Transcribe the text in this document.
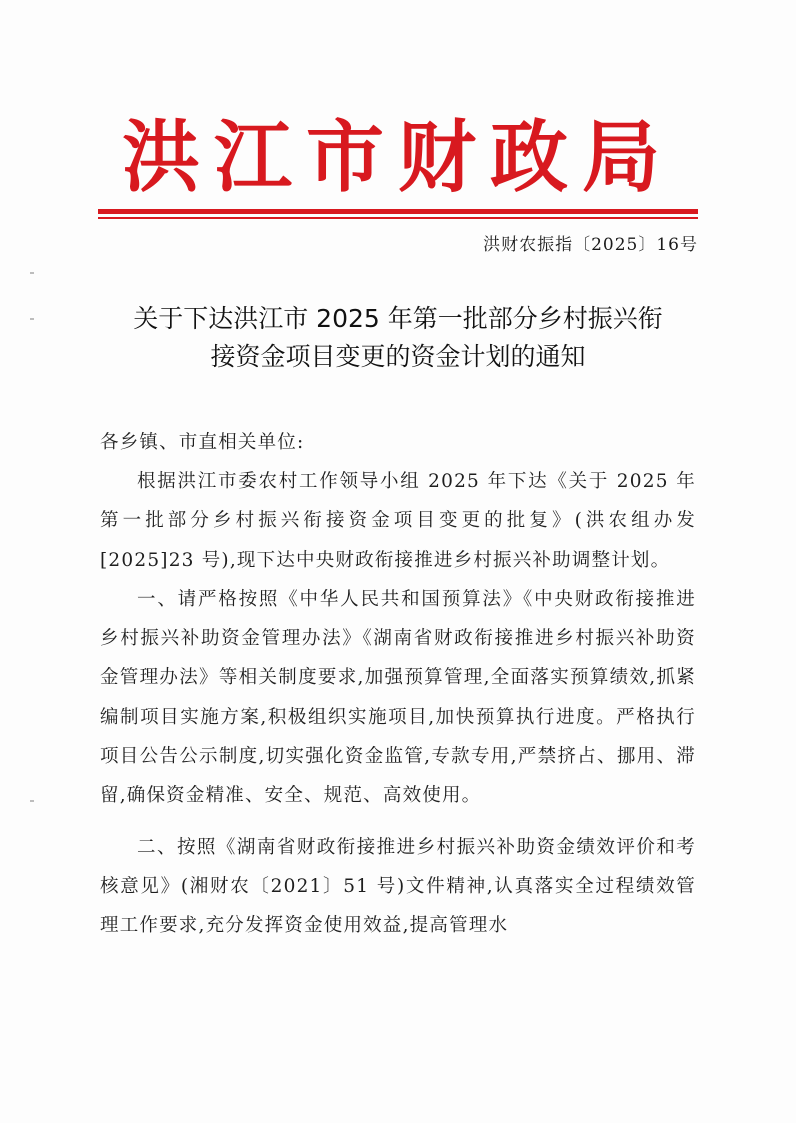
洪江市财政局
洪财农振指〔2025〕16号
关于下达洪江市 2025 年第一批部分乡村振兴衔
接资金项目变更的资金计划的通知

各乡镇、市直相关单位:

根据洪江市委农村工作领导小组 2025 年下达《关于 2025 年第一批部分乡村振兴衔接资金项目变更的批复》(洪农组办发[2025]23 号),现下达中央财政衔接推进乡村振兴补助调整计划。

一、请严格按照《中华人民共和国预算法》《中央财政衔接推进乡村振兴补助资金管理办法》《湖南省财政衔接推进乡村振兴补助资金管理办法》等相关制度要求,加强预算管理,全面落实预算绩效,抓紧编制项目实施方案,积极组织实施项目,加快预算执行进度。严格执行项目公告公示制度,切实强化资金监管,专款专用,严禁挤占、挪用、滞留,确保资金精准、安全、规范、高效使用。

二、按照《湖南省财政衔接推进乡村振兴补助资金绩效评价和考核意见》(湘财农〔2021〕51 号)文件精神,认真落实全过程绩效管理工作要求,充分发挥资金使用效益,提高管理水
